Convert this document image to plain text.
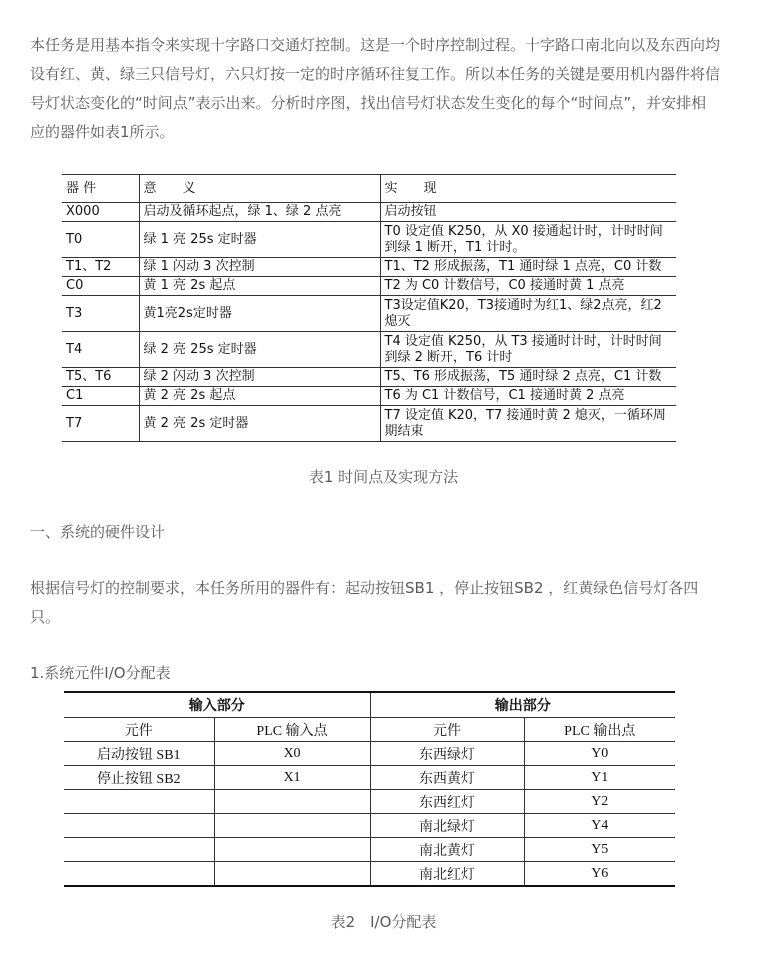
本任务是用基本指令来实现十字路口交通灯控制。这是一个时序控制过程。十字路口南北向以及东西向均设有红、黄、绿三只信号灯，六只灯按一定的时序循环往复工作。所以本任务的关键是要用机内器件将信号灯状态变化的“时间点”表示出来。分析时序图，找出信号灯状态发生变化的每个“时间点”，并安排相应的器件如表1所示。

器 件	意　　义	实　　现
X000	启动及循环起点，绿 1、绿 2 点亮	启动按钮
T0	绿 1 亮 25s 定时器	T0 设定值 K250，从 X0 接通起计时，计时时间到绿 1 断开，T1 计时。
T1、T2	绿 1 闪动 3 次控制	T1、T2 形成振荡，T1 通时绿 1 点亮，C0 计数
C0	黄 1 亮 2s 起点	T2 为 C0 计数信号，C0 接通时黄 1 点亮
T3	黄1亮2s定时器	T3设定值K20，T3接通时为红1、绿2点亮，红2熄灭
T4	绿 2 亮 25s 定时器	T4 设定值 K250，从 T3 接通时计时，计时时间到绿 2 断开，T6 计时
T5、T6	绿 2 闪动 3 次控制	T5、T6 形成振荡，T5 通时绿 2 点亮，C1 计数
C1	黄 2 亮 2s 起点	T6 为 C1 计数信号，C1 接通时黄 2 点亮
T7	黄 2 亮 2s 定时器	T7 设定值 K20，T7 接通时黄 2 熄灭，一循环周期结束
表1 时间点及实现方法

一、系统的硬件设计

根据信号灯的控制要求，本任务所用的器件有：起动按钮SB1 ，停止按钮SB2 ，红黄绿色信号灯各四只。

1.系统元件I/O分配表

输入部分		输出部分	
元件	PLC 输入点	元件	PLC 输出点
启动按钮 SB1	X0	东西绿灯	Y0
停止按钮 SB2	X1	东西黄灯	Y1
		东西红灯	Y2
		南北绿灯	Y4
		南北黄灯	Y5
		南北红灯	Y6
表2　I/O分配表
